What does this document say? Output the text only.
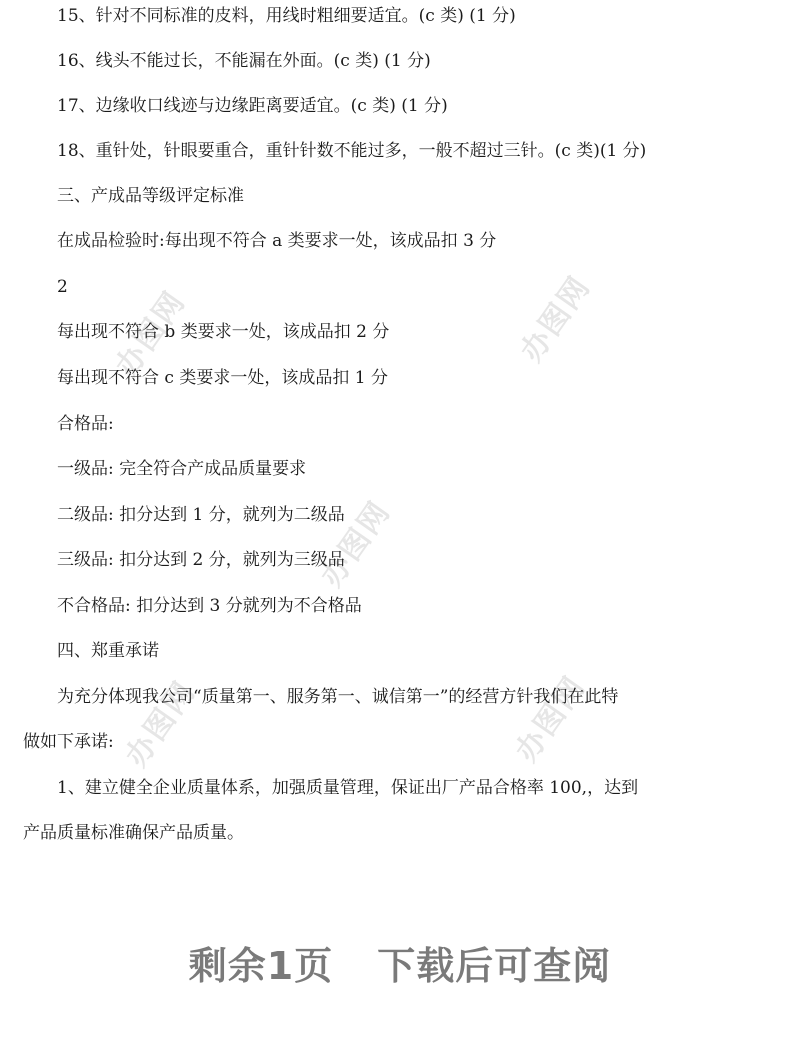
办图网	办图网
办图网
办图网	办图网

15、针对不同标准的皮料，用线时粗细要适宜。(c 类) (1 分)

16、线头不能过长，不能漏在外面。(c 类) (1 分)

17、边缘收口线迹与边缘距离要适宜。(c 类) (1 分)

18、重针处，针眼要重合，重针针数不能过多，一般不超过三针。(c 类)(1 分)

三、产成品等级评定标准

在成品检验时:每出现不符合 a 类要求一处，该成品扣 3 分

2

每出现不符合 b 类要求一处，该成品扣 2 分

每出现不符合 c 类要求一处，该成品扣 1 分

合格品:

一级品: 完全符合产成品质量要求

二级品: 扣分达到 1 分，就列为二级品

三级品: 扣分达到 2 分，就列为三级品

不合格品: 扣分达到 3 分就列为不合格品

四、郑重承诺

为充分体现我公司“质量第一、服务第一、诚信第一”的经营方针我们在此特

做如下承诺:

1、建立健全企业质量体系，加强质量管理，保证出厂产品合格率 100,，达到

产品质量标准确保产品质量。

剩余1页 下载后可查阅
